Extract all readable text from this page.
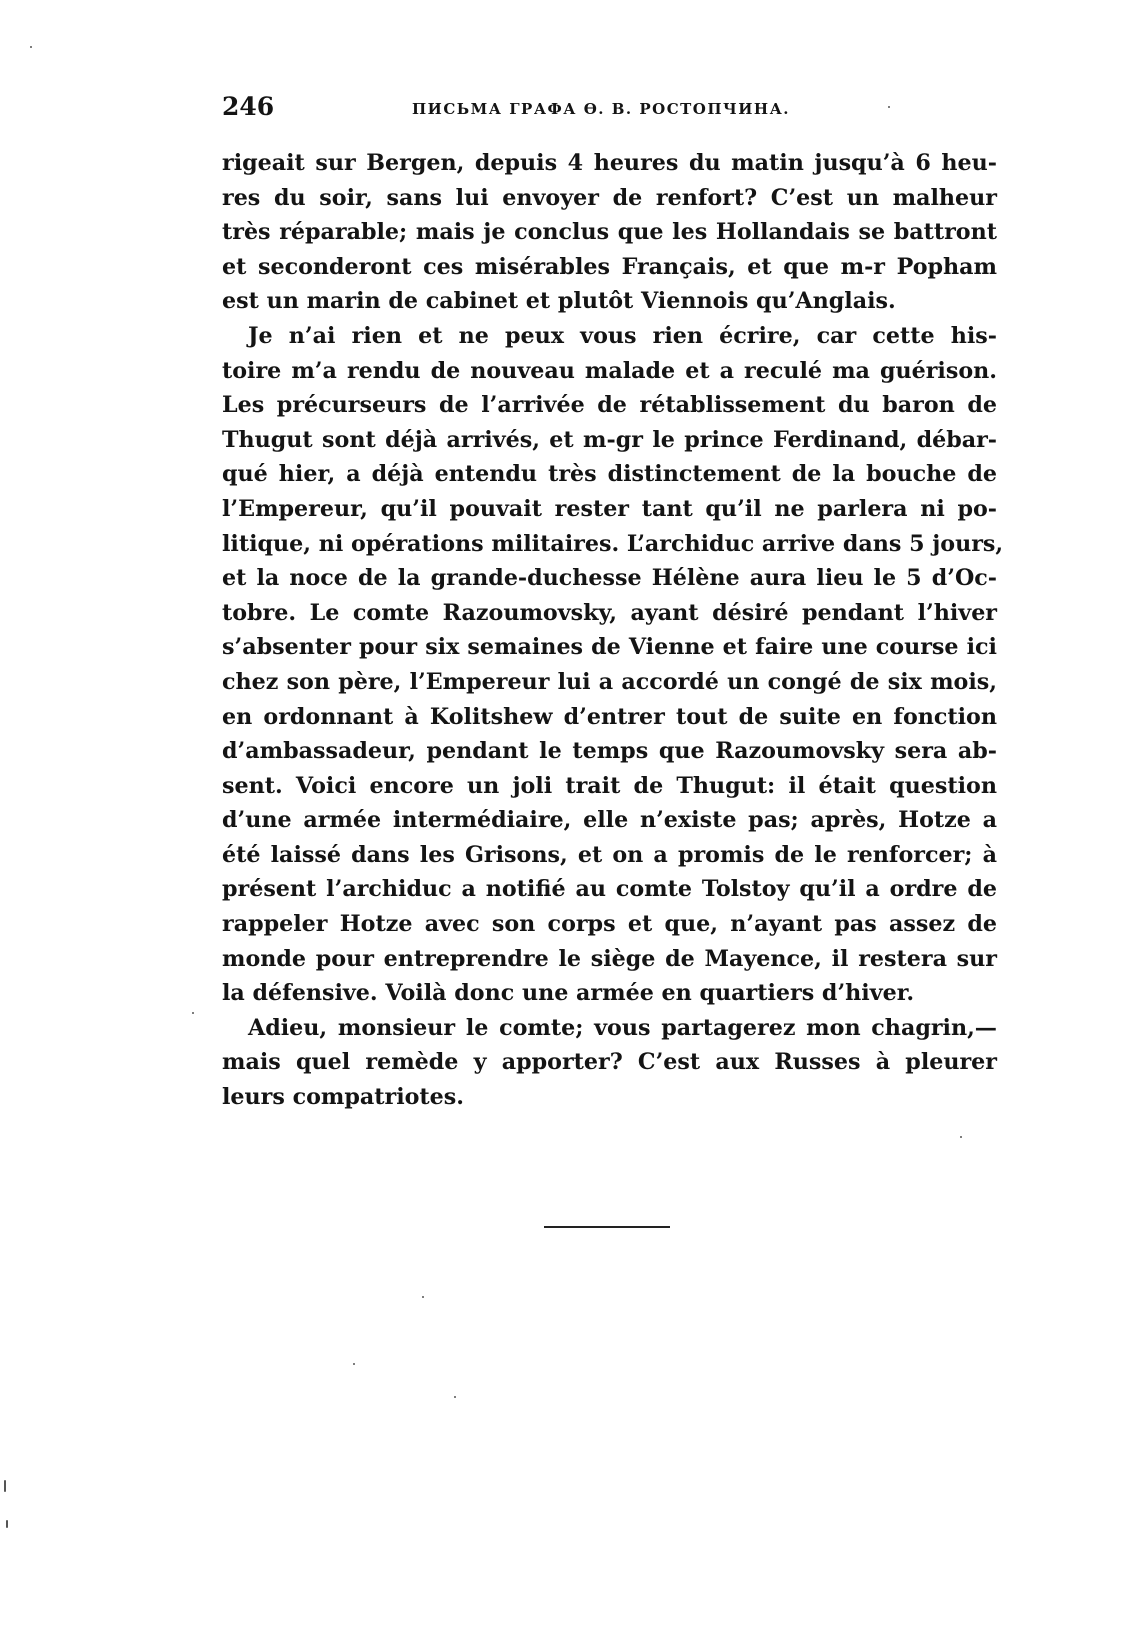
246	ПИСЬМА ГРАФА Ө. В. РОСТОПЧИНА.
rigeait sur Bergen, depuis 4 heures du matin jusqu’à 6 heu-
res du soir, sans lui envoyer de renfort? C’est un malheur
très réparable; mais je conclus que les Hollandais se battront
et seconderont ces misérables Français, et que m-r Popham
est un marin de cabinet et plutôt Viennois qu’Anglais.
Je n’ai rien et ne peux vous rien écrire, car cette his-
toire m’a rendu de nouveau malade et a reculé ma guérison.
Les précurseurs de l’arrivée de rétablissement du baron de
Thugut sont déjà arrivés, et m-gr le prince Ferdinand, débar-
qué hier, a déjà entendu très distinctement de la bouche de
l’Empereur, qu’il pouvait rester tant qu’il ne parlera ni po-
litique, ni opérations militaires. L’archiduc arrive dans 5 jours,
et la noce de la grande-duchesse Hélène aura lieu le 5 d’Oc-
tobre. Le comte Razoumovsky, ayant désiré pendant l’hiver
s’absenter pour six semaines de Vienne et faire une course ici
chez son père, l’Empereur lui a accordé un congé de six mois,
en ordonnant à Kolitshew d’entrer tout de suite en fonction
d’ambassadeur, pendant le temps que Razoumovsky sera ab-
sent. Voici encore un joli trait de Thugut: il était question
d’une armée intermédiaire, elle n’existe pas; après, Hotze a
été laissé dans les Grisons, et on a promis de le renforcer; à
présent l’archiduc a notifié au comte Tolstoy qu’il a ordre de
rappeler Hotze avec son corps et que, n’ayant pas assez de
monde pour entreprendre le siège de Mayence, il restera sur
la défensive. Voilà donc une armée en quartiers d’hiver.
Adieu, monsieur le comte; vous partagerez mon chagrin,—
mais quel remède y apporter? C’est aux Russes à pleurer
leurs compatriotes.
